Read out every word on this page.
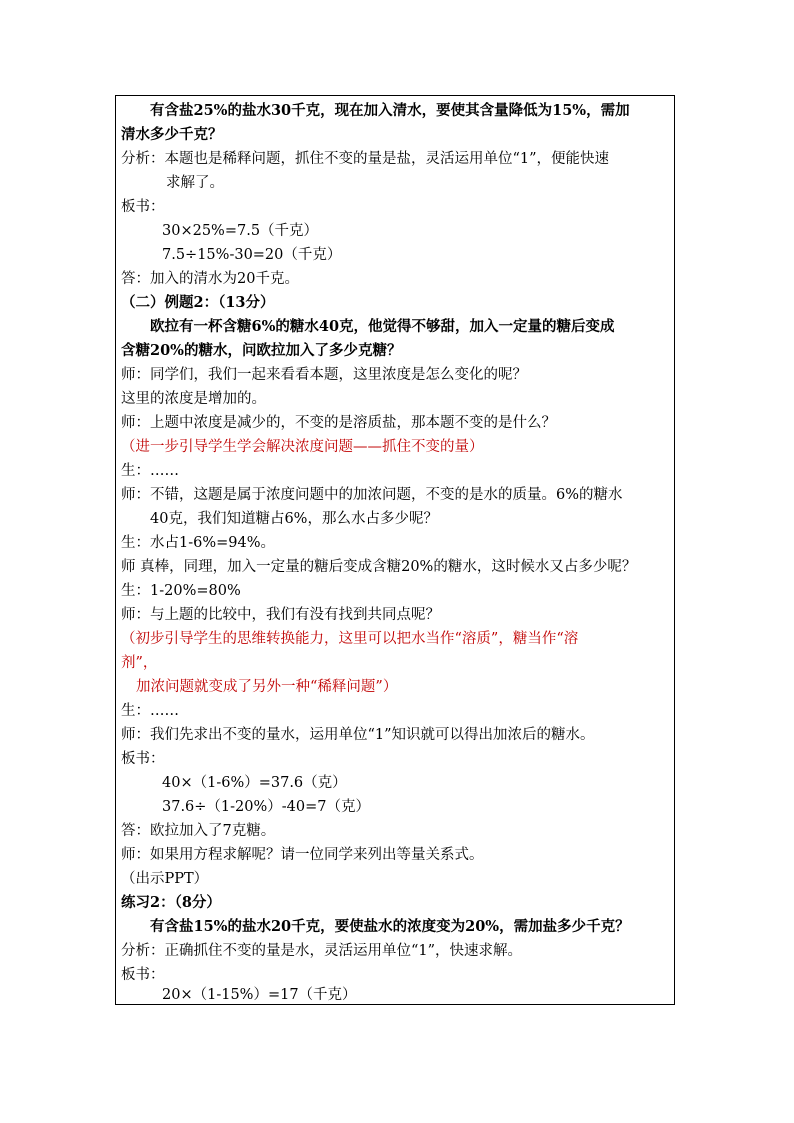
有含盐25%的盐水30千克，现在加入清水，要使其含量降低为15%，需加
清水多少千克？
分析：本题也是稀释问题，抓住不变的量是盐，灵活运用单位“1”，便能快速
求解了。
板书：
30×25%=7.5（千克）
7.5÷15%-30=20（千克）
答：加入的清水为20千克。
（二）例题2：（13分）
欧拉有一杯含糖6%的糖水40克，他觉得不够甜，加入一定量的糖后变成
含糖20%的糖水，问欧拉加入了多少克糖？
师：同学们，我们一起来看看本题，这里浓度是怎么变化的呢？
这里的浓度是增加的。
师：上题中浓度是减少的，不变的是溶质盐，那本题不变的是什么？
（进一步引导学生学会解决浓度问题——抓住不变的量）
生：……
师：不错，这题是属于浓度问题中的加浓问题，不变的是水的质量。6%的糖水
40克，我们知道糖占6%，那么水占多少呢？
生：水占1-6%=94%。
师 真棒，同理，加入一定量的糖后变成含糖20%的糖水，这时候水又占多少呢？
生：1-20%=80%
师：与上题的比较中，我们有没有找到共同点呢？
（初步引导学生的思维转换能力，这里可以把水当作“溶质”，糖当作“溶
剂”，
加浓问题就变成了另外一种“稀释问题”）
生：……
师：我们先求出不变的量水，运用单位“1”知识就可以得出加浓后的糖水。
板书：
40×（1-6%）=37.6（克）
37.6÷（1-20%）-40=7（克）
答：欧拉加入了7克糖。
师：如果用方程求解呢？请一位同学来列出等量关系式。
（出示PPT）
练习2：（8分）
有含盐15%的盐水20千克，要使盐水的浓度变为20%，需加盐多少千克？
分析：正确抓住不变的量是水，灵活运用单位“1”，快速求解。
板书：
20×（1-15%）=17（千克）
